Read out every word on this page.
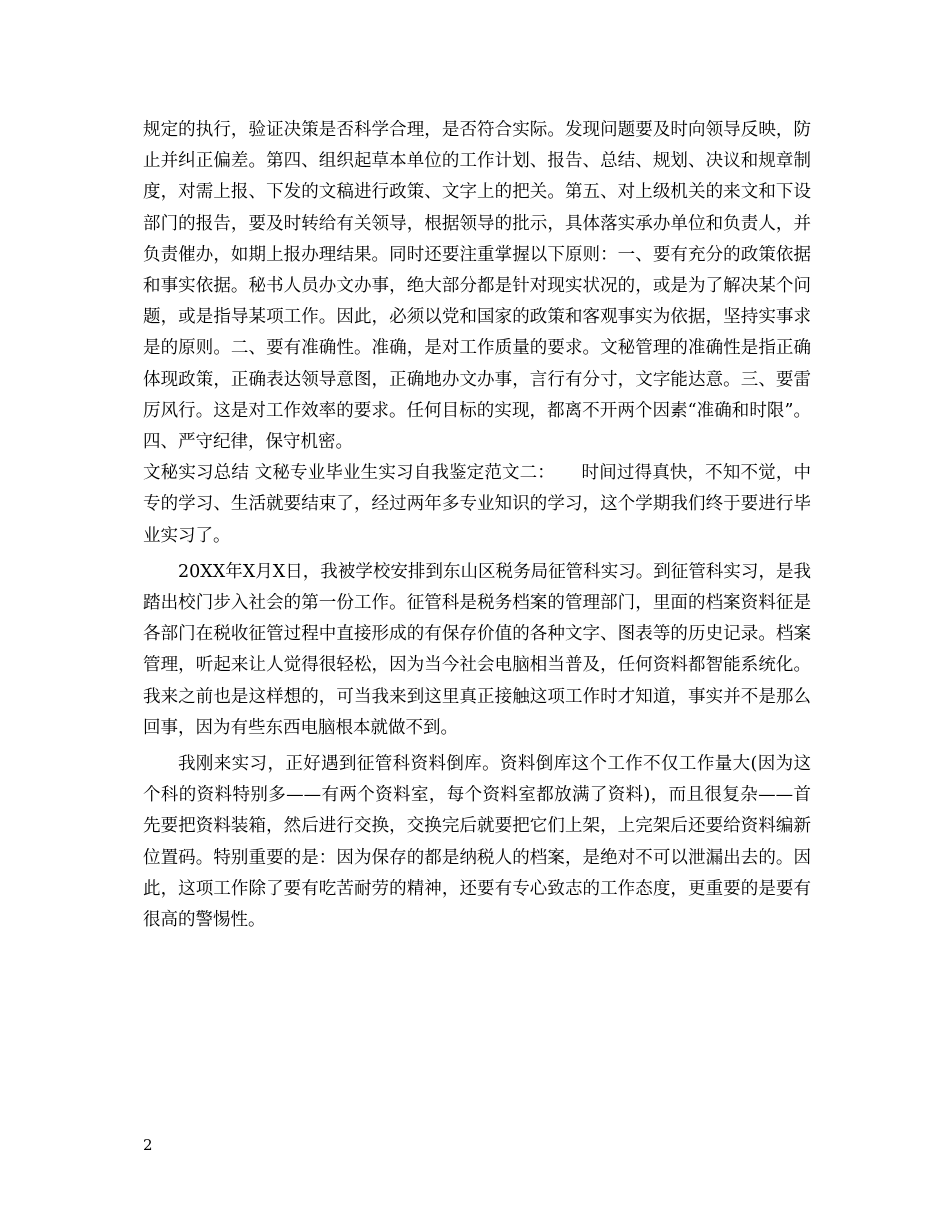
规定的执行，验证决策是否科学合理，是否符合实际。发现问题要及时向领导反映，防止并纠正偏差。第四、组织起草本单位的工作计划、报告、总结、规划、决议和规章制度，对需上报、下发的文稿进行政策、文字上的把关。第五、对上级机关的来文和下设部门的报告，要及时转给有关领导，根据领导的批示，具体落实承办单位和负责人，并负责催办，如期上报办理结果。同时还要注重掌握以下原则：一、要有充分的政策依据和事实依据。秘书人员办文办事，绝大部分都是针对现实状况的，或是为了解决某个问题，或是指导某项工作。因此，必须以党和国家的政策和客观事实为依据，坚持实事求是的原则。二、要有准确性。准确，是对工作质量的要求。文秘管理的准确性是指正确体现政策，正确表达领导意图，正确地办文办事，言行有分寸，文字能达意。三、要雷厉风行。这是对工作效率的要求。任何目标的实现，都离不开两个因素“准确和时限”。四、严守纪律，保守机密。

文秘实习总结 文秘专业毕业生实习自我鉴定范文二：　　时间过得真快，不知不觉，中专的学习、生活就要结束了，经过两年多专业知识的学习，这个学期我们终于要进行毕业实习了。

20XX年X月X日，我被学校安排到东山区税务局征管科实习。到征管科实习，是我踏出校门步入社会的第一份工作。征管科是税务档案的管理部门，里面的档案资料征是各部门在税收征管过程中直接形成的有保存价值的各种文字、图表等的历史记录。档案管理，听起来让人觉得很轻松，因为当今社会电脑相当普及，任何资料都智能系统化。我来之前也是这样想的，可当我来到这里真正接触这项工作时才知道，事实并不是那么回事，因为有些东西电脑根本就做不到。

我刚来实习，正好遇到征管科资料倒库。资料倒库这个工作不仅工作量大(因为这个科的资料特别多——有两个资料室，每个资料室都放满了资料)，而且很复杂——首先要把资料装箱，然后进行交换，交换完后就要把它们上架，上完架后还要给资料编新位置码。特别重要的是：因为保存的都是纳税人的档案，是绝对不可以泄漏出去的。因此，这项工作除了要有吃苦耐劳的精神，还要有专心致志的工作态度，更重要的是要有很高的警惕性。

2
